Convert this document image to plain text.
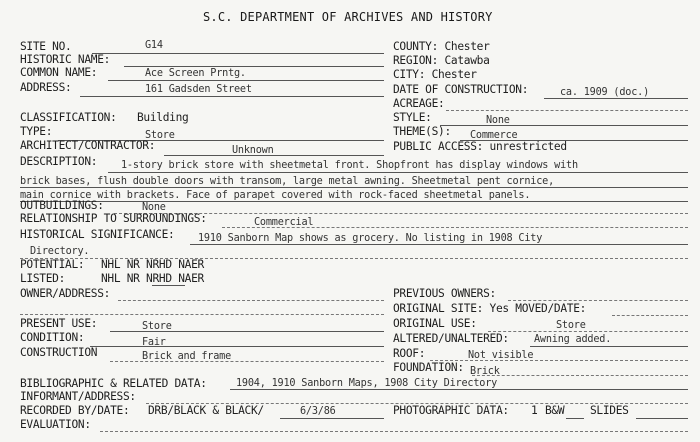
S.C. DEPARTMENT OF ARCHIVES AND HISTORY
SITE NO.	G14
HISTORIC NAME:
COMMON NAME:	Ace Screen Prntg.
ADDRESS:	161 Gadsden Street
CLASSIFICATION: Building
TYPE:	Store
ARCHITECT/CONTRACTOR:	Unknown
DESCRIPTION: 1-story brick store with sheetmetal front. Shopfront has display windows with
brick bases, flush double doors with transom, large metal awning. Sheetmetal pent cornice,
main cornice with brackets. Face of parapet covered with rock-faced sheetmetal panels.
OUTBUILDINGS:	None
RELATIONSHIP TO SURROUNDINGS:	Commercial
HISTORICAL SIGNIFICANCE: 1910 Sanborn Map shows as grocery. No listing in 1908 City
Directory.
POTENTIAL: NHL NR NRHD NAER
LISTED:	NHL NR NRHD NAER
OWNER/ADDRESS:
PRESENT USE:	Store
CONDITION:	Fair
CONSTRUCTION	Brick and frame
BIBLIOGRAPHIC & RELATED DATA:	1904, 1910 Sanborn Maps, 1908 City Directory
INFORMANT/ADDRESS:
RECORDED BY/DATE: DRB/BLACK & BLACK/	6/3/86
EVALUATION:
COUNTY: Chester
REGION: Catawba
CITY: Chester
DATE OF CONSTRUCTION:	ca. 1909 (doc.)
ACREAGE:
STYLE:	None
THEME(S): Commerce
PUBLIC ACCESS: unrestricted
PREVIOUS OWNERS:
ORIGINAL SITE: Yes MOVED/DATE:
ORIGINAL USE:	Store
ALTERED/UNALTERED: Awning added.
ROOF:	Not visible
FOUNDATION: Brick
PHOTOGRAPHIC DATA: 1 B&W SLIDES
